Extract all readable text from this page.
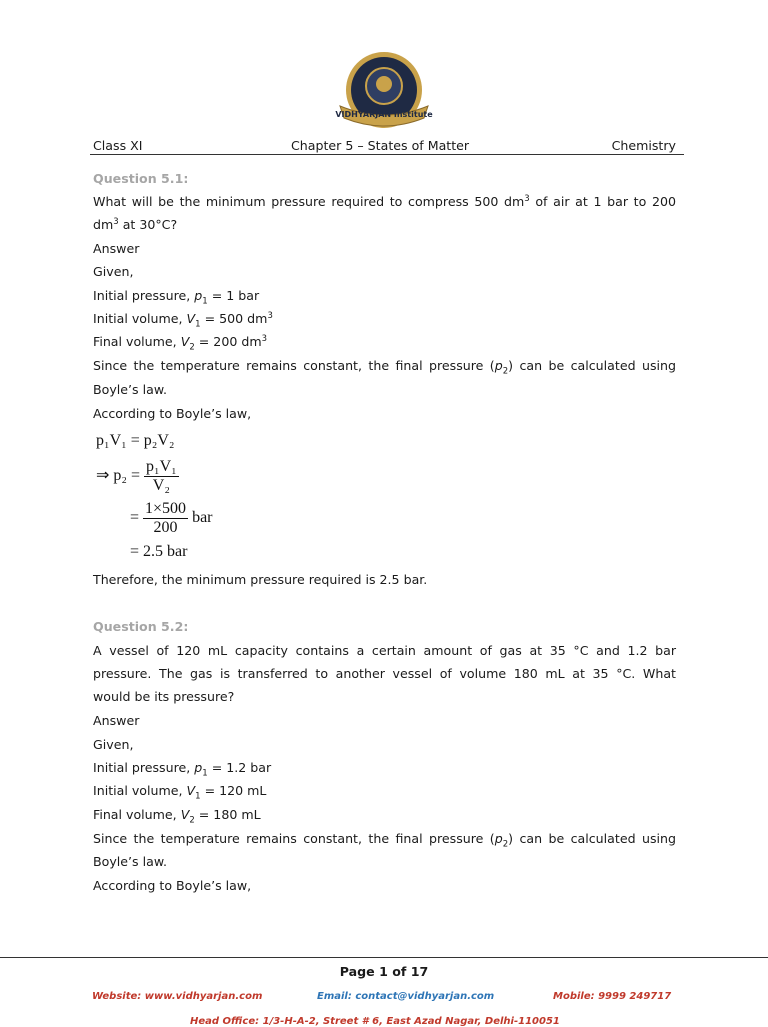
VIDHYARJAN Institute
Class XI	Chapter 5 – States of Matter	Chemistry
Question 5.1:
What will be the minimum pressure required to compress 500 $dm^3$ of air at 1 bar to 200
$dm^3$ at 30°C?
Answer
Given,
Initial pressure, $p_1 = 1$ bar
Initial volume, $V_1 = 500$ $dm^3$
Final volume, $V_2 = 200$ $dm^3$
Since the temperature remains constant, the final pressure $(p_2)$ can be calculated using
Boyle’s law.
According to Boyle’s law,
p₁V₁ = p₂V₂
⇒ $p_2 = \frac{\text{p₁V₁}}{\text{V₂}}$
= $\frac{1\times 500}{200}$ bar
= 2.5 bar
Therefore, the minimum pressure required is 2.5 bar.
Question 5.2:
A vessel of 120 mL capacity contains a certain amount of gas at 35 °C and 1.2 bar
pressure. The gas is transferred to another vessel of volume 180 mL at 35 °C. What
would be its pressure?
Answer
Given,
Initial pressure, $p_1 = 1.2$ bar
Initial volume, $V_1 = 120$ mL
Final volume, $V_2 = 180$ mL
Since the temperature remains constant, the final pressure $(p_2)$ can be calculated using
Boyle’s law.
According to Boyle’s law,
Page 1 of 17
Website: www.vidhyarjan.com	Email: contact@vidhyarjan.com	Mobile: 9999 249717
Head Office: 1/3-H-A-2, Street # 6, East Azad Nagar, Delhi-110051
